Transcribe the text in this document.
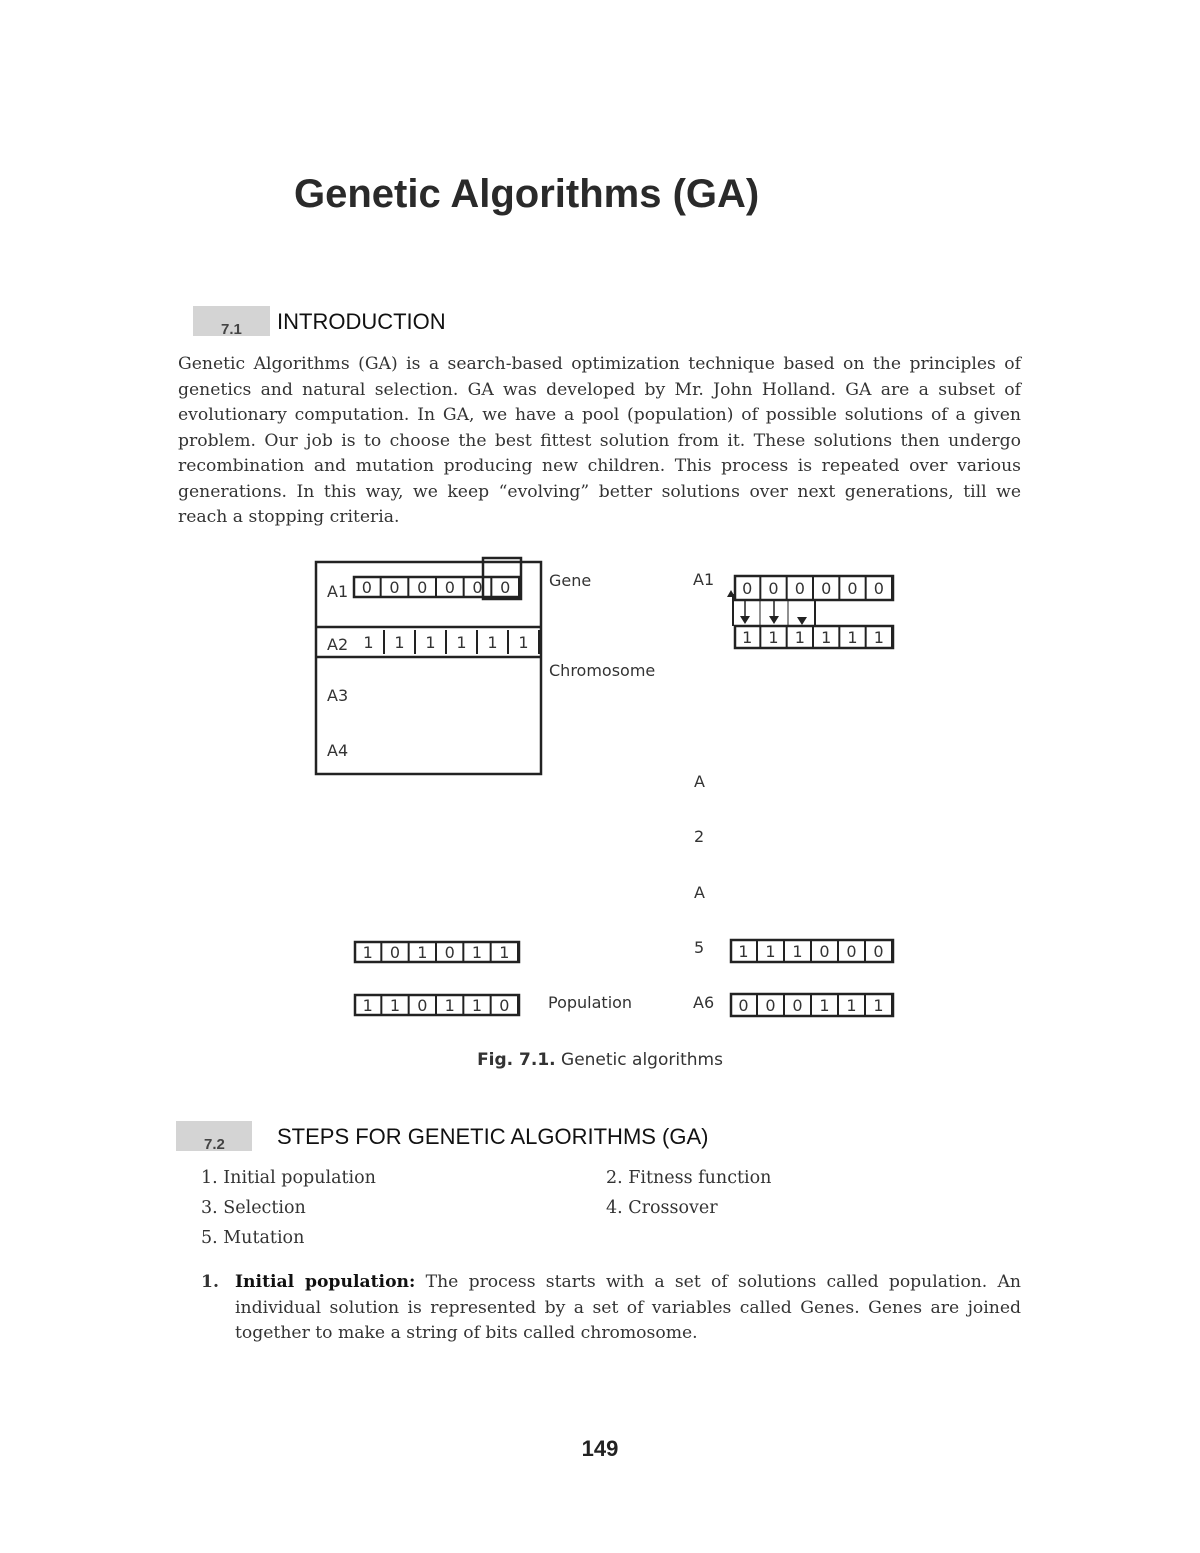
Genetic Algorithms (GA)
7.1	INTRODUCTION

Genetic Algorithms (GA) is a search-based optimization technique based on the principles of genetics and natural selection. GA was developed by Mr. John Holland. GA are a subset of evolutionary computation. In GA, we have a pool (population) of possible solutions of a given problem. Our job is to choose the best fittest solution from it. These solutions then undergo recombination and mutation producing new children. This process is repeated over various generations. In this way, we keep “evolving” better solutions over next generations, till we reach a stopping criteria.

0 0 0 0 0 0
1 1 1 1 1 1
1 0 1 0 1 1
1 1 0 1 1 0
0 0 0 0 0 0
1 1 1 1 1 1
1 1 1 0 0 0
0 0 0 1 1 1
A1
A2
A3
A4
Gene
Chromosome
Population
A1
A
2
A
5
A6
Fig. 7.1. Genetic algorithms
7.2	STEPS FOR GENETIC ALGORITHMS (GA)
1. Initial population	2. Fitness function
3. Selection	4. Crossover
5. Mutation
1. Initial population: The process starts with a set of solutions called population. An individual solution is represented by a set of variables called Genes. Genes are joined together to make a string of bits called chromosome.
149
